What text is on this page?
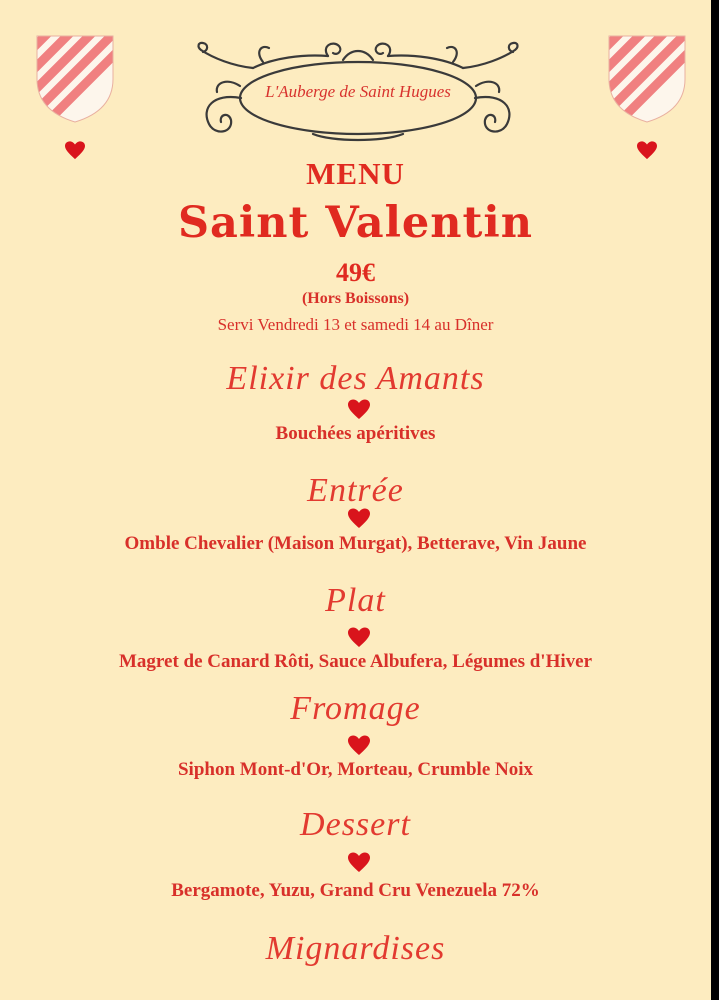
L'Auberge de Saint Hugues
MENU
Saint Valentin
49€
(Hors Boissons)
Servi Vendredi 13 et samedi 14 au Dîner
Elixir des Amants
Bouchées apéritives
Entrée
Omble Chevalier (Maison Murgat), Betterave, Vin Jaune
Plat
Magret de Canard Rôti, Sauce Albufera, Légumes d'Hiver
Fromage
Siphon Mont-d'Or, Morteau, Crumble Noix
Dessert
Bergamote, Yuzu, Grand Cru Venezuela 72%
Mignardises
